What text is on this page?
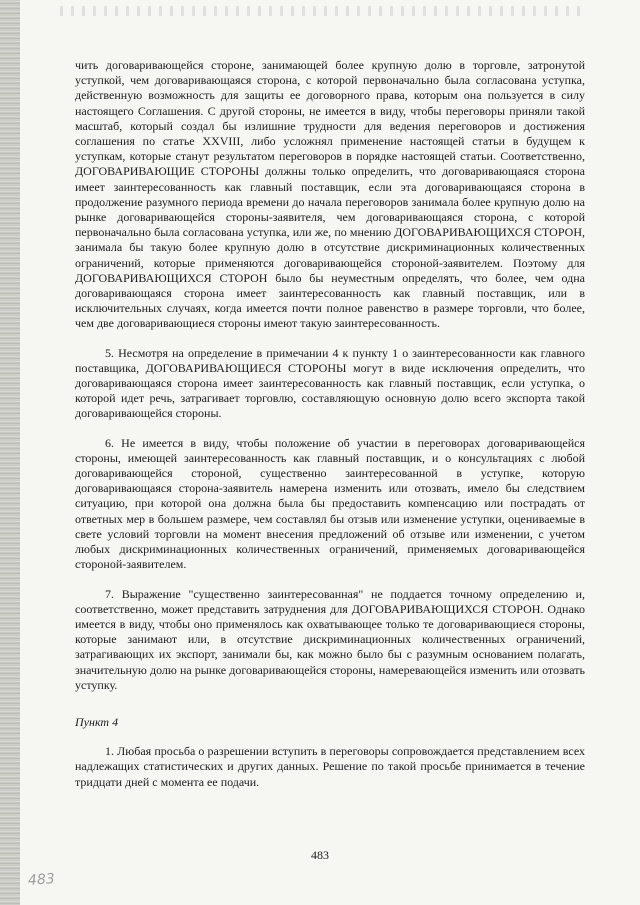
чить договаривающейся стороне, занимающей более крупную долю в торговле, затронутой уступкой, чем договаривающаяся сторона, с которой первоначально была согласована уступка, действенную возможность для защиты ее договорного права, которым она пользуется в силу настоящего Соглашения. С другой стороны, не имеется в виду, чтобы переговоры приняли такой масштаб, который создал бы излишние трудности для ведения переговоров и достижения соглашения по статье XXVIII, либо усложнял применение настоящей статьи в будущем к уступкам, которые станут результатом переговоров в порядке настоящей статьи. Соответственно, ДОГОВАРИВАЮЩИЕ СТОРОНЫ должны только определить, что договаривающаяся сторона имеет заинтересованность как главный поставщик, если эта договаривающаяся сторона в продолжение разумного периода времени до начала переговоров занимала более крупную долю на рынке договаривающейся стороны-заявителя, чем договаривающаяся сторона, с которой первоначально была согласована уступка, или же, по мнению ДОГОВАРИВАЮЩИХСЯ СТОРОН, занимала бы такую более крупную долю в отсутствие дискриминационных количественных ограничений, которые применяются договаривающейся стороной-заявителем. Поэтому для ДОГОВАРИВАЮЩИХСЯ СТОРОН было бы неуместным определять, что более, чем одна договаривающаяся сторона имеет заинтересованность как главный поставщик, или в исключительных случаях, когда имеется почти полное равенство в размере торговли, что более, чем две договаривающиеся стороны имеют такую заинтересованность.

5. Несмотря на определение в примечании 4 к пункту 1 о заинтересованности как главного поставщика, ДОГОВАРИВАЮЩИЕСЯ СТОРОНЫ могут в виде исключения определить, что договаривающаяся сторона имеет заинтересованность как главный поставщик, если уступка, о которой идет речь, затрагивает торговлю, составляющую основную долю всего экспорта такой договаривающейся стороны.

6. Не имеется в виду, чтобы положение об участии в переговорах договаривающейся стороны, имеющей заинтересованность как главный поставщик, и о консультациях с любой договаривающейся стороной, существенно заинтересованной в уступке, которую договаривающаяся сторона-заявитель намерена изменить или отозвать, имело бы следствием ситуацию, при которой она должна была бы предоставить компенсацию или пострадать от ответных мер в большем размере, чем составлял бы отзыв или изменение уступки, оцениваемые в свете условий торговли на момент внесения предложений об отзыве или изменении, с учетом любых дискриминационных количественных ограничений, применяемых договаривающейся стороной-заявителем.

7. Выражение "существенно заинтересованная" не поддается точному определению и, соответственно, может представить затруднения для ДОГОВАРИВАЮЩИХСЯ СТОРОН. Однако имеется в виду, чтобы оно применялось как охватывающее только те договаривающиеся стороны, которые занимают или, в отсутствие дискриминационных количественных ограничений, затрагивающих их экспорт, занимали бы, как можно было бы с разумным основанием полагать, значительную долю на рынке договаривающейся стороны, намеревающейся изменить или отозвать уступку.

Пункт 4

1. Любая просьба о разрешении вступить в переговоры сопровождается представлением всех надлежащих статистических и других данных. Решение по такой просьбе принимается в течение тридцати дней с момента ее подачи.

483
483
